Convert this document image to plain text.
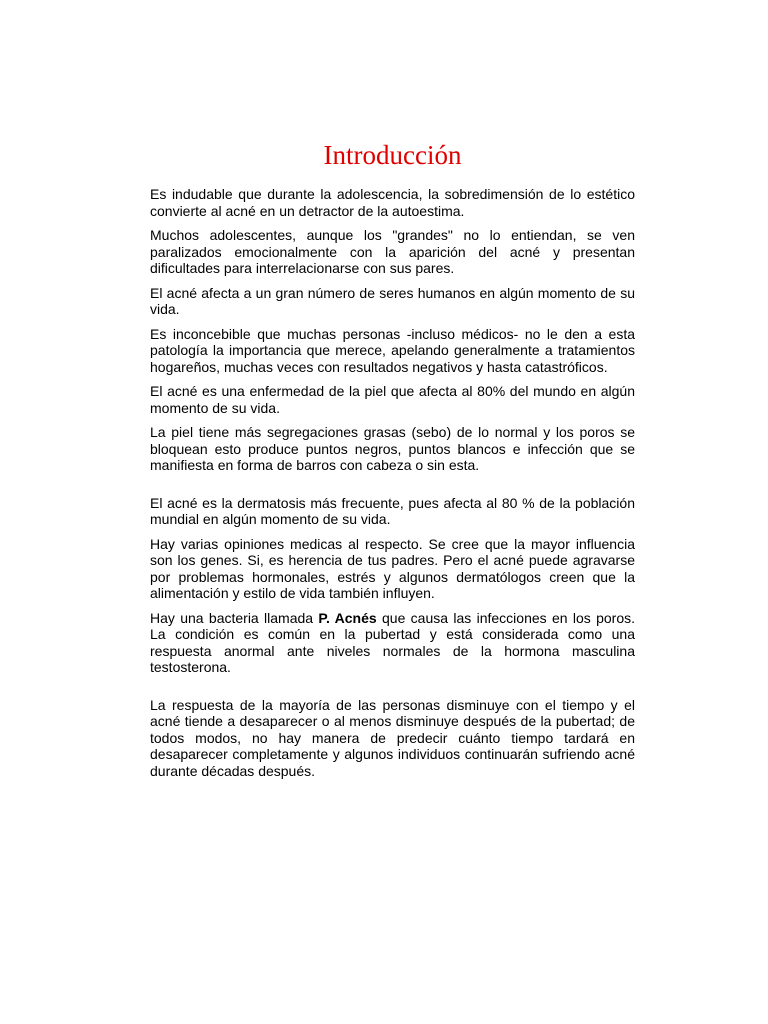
Introducción

Es indudable que durante la adolescencia, la sobredimensión de lo estético convierte al acné en un detractor de la autoestima.

Muchos adolescentes, aunque los "grandes" no lo entiendan, se ven paralizados emocionalmente con la aparición del acné y presentan dificultades para interrelacionarse con sus pares.

El acné afecta a un gran número de seres humanos en algún momento de su vida.

Es inconcebible que muchas personas -incluso médicos- no le den a esta patología la importancia que merece, apelando generalmente a tratamientos hogareños, muchas veces con resultados negativos y hasta catastróficos.

El acné es una enfermedad de la piel que afecta al 80% del mundo en algún momento de su vida.

La piel tiene más segregaciones grasas (sebo) de lo normal y los poros se bloquean esto produce puntos negros, puntos blancos e infección que se manifiesta en forma de barros con cabeza o sin esta.

El acné es la dermatosis más frecuente, pues afecta al 80 % de la población mundial en algún momento de su vida.

Hay varias opiniones medicas al respecto. Se cree que la mayor influencia son los genes. Si, es herencia de tus padres. Pero el acné puede agravarse por problemas hormonales, estrés y algunos dermatólogos creen que la alimentación y estilo de vida también influyen.

Hay una bacteria llamada P. Acnés que causa las infecciones en los poros. La condición es común en la pubertad y está considerada como una respuesta anormal ante niveles normales de la hormona masculina testosterona.

La respuesta de la mayoría de las personas disminuye con el tiempo y el acné tiende a desaparecer o al menos disminuye después de la pubertad; de todos modos, no hay manera de predecir cuánto tiempo tardará en desaparecer completamente y algunos individuos continuarán sufriendo acné durante décadas después.
